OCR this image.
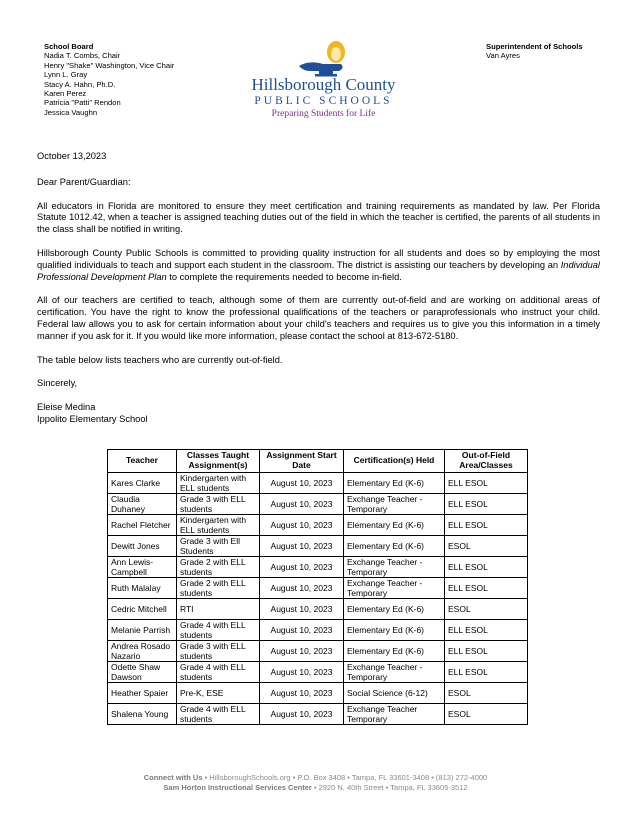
School Board
Nadia T. Combs, Chair
Henry "Shake" Washington, Vice Chair
Lynn L. Gray
Stacy A. Hahn, Ph.D.
Karen Perez
Patricia "Patti" Rendon
Jessica Vaughn
Hillsborough County
PUBLIC SCHOOLS
Preparing Students for Life
Superintendent of Schools
Van Ayres

October 13,2023

Dear Parent/Guardian:

All educators in Florida are monitored to ensure they meet certification and training requirements as mandated by law. Per Florida Statute 1012.42, when a teacher is assigned teaching duties out of the field in which the teacher is certified, the parents of all students in the class shall be notified in writing.

Hillsborough County Public Schools is committed to providing quality instruction for all students and does so by employing the most qualified individuals to teach and support each student in the classroom. The district is assisting our teachers by developing an Individual Professional Development Plan to complete the requirements needed to become in-field.

All of our teachers are certified to teach, although some of them are currently out-of-field and are working on additional areas of certification. You have the right to know the professional qualifications of the teachers or paraprofessionals who instruct your child. Federal law allows you to ask for certain information about your child's teachers and requires us to give you this information in a timely manner if you ask for it. If you would like more information, please contact the school at 813-672-5180.

The table below lists teachers who are currently out-of-field.

Sincerely,

Eleise Medina
Ippolito Elementary School
Teacher	Classes Taught Assignment(s)	Assignment Start Date	Certification(s) Held	Out-of-Field Area/Classes
Kares Clarke	Kindergarten with ELL students	August 10, 2023	Elementary Ed (K-6)	ELL ESOL
Claudia Duhaney	Grade 3 with ELL students	August 10, 2023	Exchange Teacher - Temporary	ELL ESOL
Rachel Fletcher	Kindergarten with ELL students	August 10, 2023	Elementary Ed (K-6)	ELL ESOL
Dewitt Jones	Grade 3 with Ell Students	August 10, 2023	Elementary Ed (K-6)	ESOL
Ann Lewis-Campbell	Grade 2 with ELL students	August 10, 2023	Exchange Teacher - Temporary	ELL ESOL
Ruth Malalay	Grade 2 with ELL students	August 10, 2023	Exchange Teacher - Temporary	ELL ESOL
Cedric Mitchell	RTI	August 10, 2023	Elementary Ed (K-6)	ESOL
Melanie Parrish	Grade 4 with ELL students	August 10, 2023	Elementary Ed (K-6)	ELL ESOL
Andrea Rosado Nazario	Grade 3 with ELL students	August 10, 2023	Elementary Ed (K-6)	ELL ESOL
Odette Shaw Dawson	Grade 4 with ELL students	August 10, 2023	Exchange Teacher - Temporary	ELL ESOL
Heather Spaier	Pre-K, ESE	August 10, 2023	Social Science (6-12)	ESOL
Shalena Young	Grade 4 with ELL students	August 10, 2023	Exchange Teacher Temporary	ESOL
Connect with Us • HillsboroughSchools.org • P.O. Box 3408 • Tampa, FL 33601-3408 • (813) 272-4000
Sam Horton Instructional Services Center • 2920 N. 40th Street • Tampa, FL 33605-3512
